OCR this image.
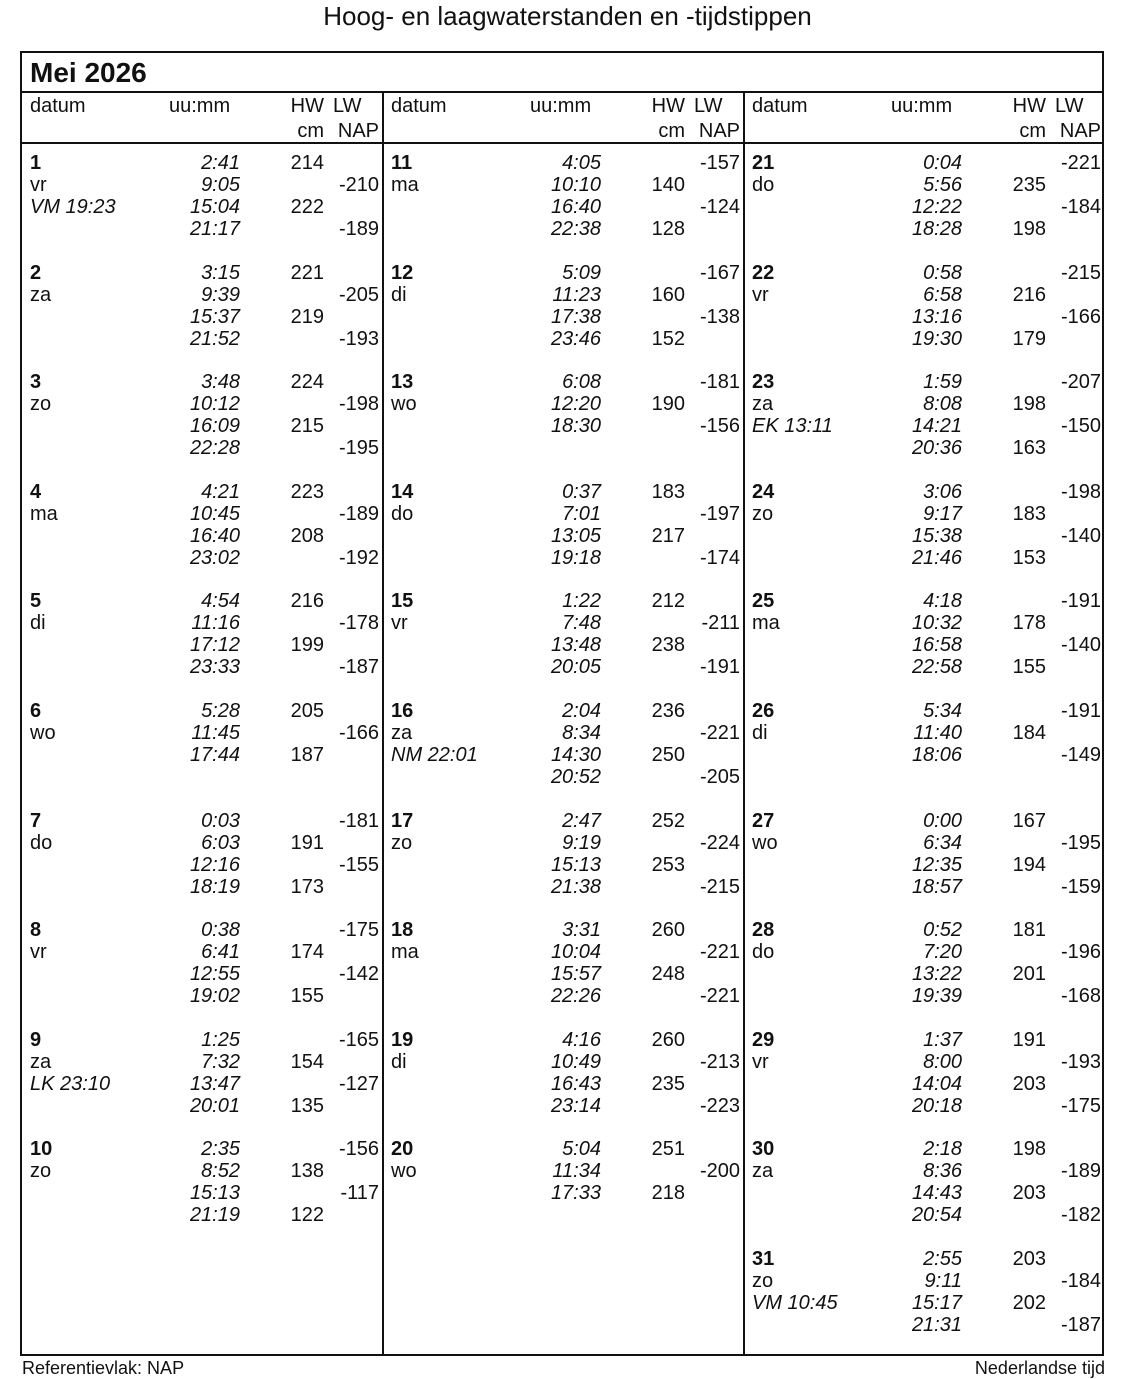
Hoog- en laagwaterstanden en -tijdstippen
Mei 2026
datum	uu:mm	HW
cm
LW
NAP
1
vr
VM 19:23
2:41	214
9:05	-210
15:04	222
21:17	-189
2
za
3:15	221
9:39	-205
15:37	219
21:52	-193
3
zo
3:48	224
10:12	-198
16:09	215
22:28	-195
4
ma
4:21	223
10:45	-189
16:40	208
23:02	-192
5
di
4:54	216
11:16	-178
17:12	199
23:33	-187
6
wo
5:28	205
11:45	-166
17:44	187
7
do
0:03	-181
6:03	191
12:16	-155
18:19	173
8
vr
0:38	-175
6:41	174
12:55	-142
19:02	155
9
za
LK 23:10
1:25	-165
7:32	154
13:47	-127
20:01	135
10
zo
2:35	-156
8:52	138
15:13	-117
21:19	122
datum	uu:mm	HW
cm
LW
NAP
11
ma
4:05	-157
10:10	140
16:40	-124
22:38	128
12
di
5:09	-167
11:23	160
17:38	-138
23:46	152
13
wo
6:08	-181
12:20	190
18:30	-156
14
do
0:37	183
7:01	-197
13:05	217
19:18	-174
15
vr
1:22	212
7:48	-211
13:48	238
20:05	-191
16
za
NM 22:01
2:04	236
8:34	-221
14:30	250
20:52	-205
17
zo
2:47	252
9:19	-224
15:13	253
21:38	-215
18
ma
3:31	260
10:04	-221
15:57	248
22:26	-221
19
di
4:16	260
10:49	-213
16:43	235
23:14	-223
20
wo
5:04	251
11:34	-200
17:33	218
datum	uu:mm	HW
cm
LW
NAP
21
do
0:04	-221
5:56	235
12:22	-184
18:28	198
22
vr
0:58	-215
6:58	216
13:16	-166
19:30	179
23
za
EK 13:11
1:59	-207
8:08	198
14:21	-150
20:36	163
24
zo
3:06	-198
9:17	183
15:38	-140
21:46	153
25
ma
4:18	-191
10:32	178
16:58	-140
22:58	155
26
di
5:34	-191
11:40	184
18:06	-149
27
wo
0:00	167
6:34	-195
12:35	194
18:57	-159
28
do
0:52	181
7:20	-196
13:22	201
19:39	-168
29
vr
1:37	191
8:00	-193
14:04	203
20:18	-175
30
za
2:18	198
8:36	-189
14:43	203
20:54	-182
31
zo
VM 10:45
2:55	203
9:11	-184
15:17	202
21:31	-187
Referentievlak: NAP	Nederlandse tijd
